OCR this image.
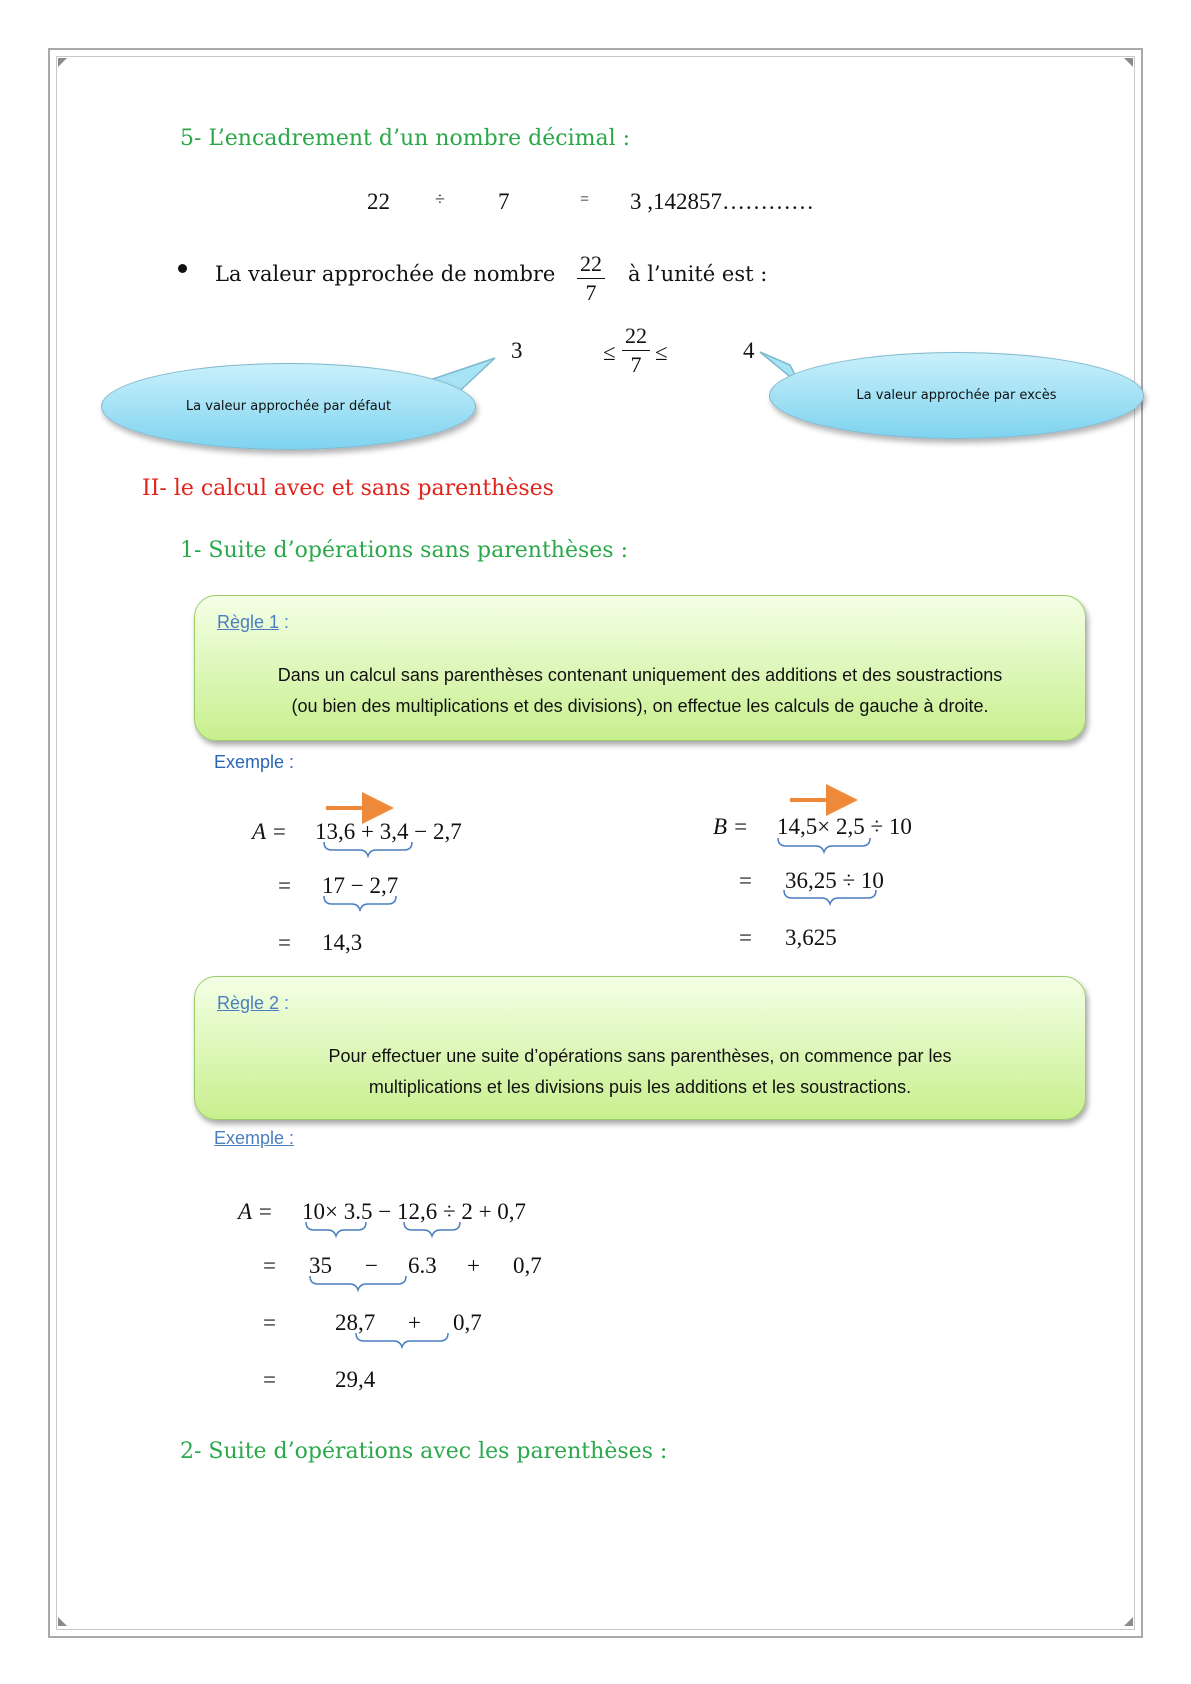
5- L’encadrement d’un nombre décimal :
22	÷ 7	= 3 ,142857…………
La valeur approchée de nombre $\frac{22}{7}$ à l’unité est :
3	≤ $\frac{22}{7}$ ≤	4
La valeur approchée par défaut
La valeur approchée par excès
II- le calcul avec et sans parenthèses
1- Suite d’opérations sans parenthèses :
Règle 1 :
Dans un calcul sans parenthèses contenant uniquement des additions et des soustractions
(ou bien des multiplications et des divisions), on effectue les calculs de gauche à droite.
Exemple :
A = 13,6 + 3,4 − 2,7
= 17 − 2,7
= 14,3
B = 14,5× 2,5 ÷ 10
= 36,25 ÷ 10
= 3,625
Règle 2 :
Pour effectuer une suite d’opérations sans parenthèses, on commence par les
multiplications et les divisions puis les additions et les soustractions.
Exemple :
A = 10× 3.5 − 12,6 ÷ 2 + 0,7
= 35 − 6.3 + 0,7
=	28,7 + 0,7
=	29,4
2- Suite d’opérations avec les parenthèses :
